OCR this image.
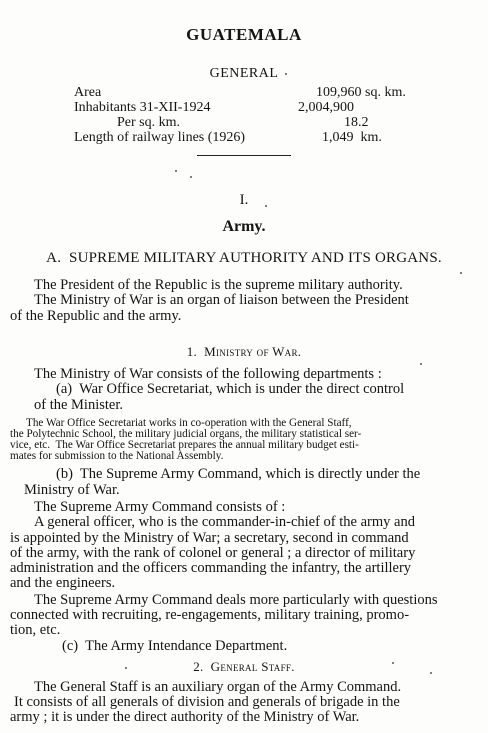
GUATEMALA
GENERAL
Area	109,960 sq. km.
Inhabitants 31-XII-1924	2,004,900
Per sq. km.	18.2
Length of railway lines (1926)	1,049  km.
I.
Army.
A.  SUPREME MILITARY AUTHORITY AND ITS ORGANS.
The President of the Republic is the supreme military authority.
The Ministry of War is an organ of liaison between the President
of the Republic and the army.
1.  Ministry of War.
The Ministry of War consists of the following departments :
(a)  War Office Secretariat, which is under the direct control
of the Minister.
The War Office Secretariat works in co-operation with the General Staff,
the Polytechnic School, the military judicial organs, the military statistical ser-
vice, etc.  The War Office Secretariat prepares the annual military budget esti-
mates for submission to the National Assembly.
(b)  The Supreme Army Command, which is directly under the
Ministry of War.
The Supreme Army Command consists of :
A general officer, who is the commander-in-chief of the army and
is appointed by the Ministry of War; a secretary, second in command
of the army, with the rank of colonel or general ; a director of military
administration and the officers commanding the infantry, the artillery
and the engineers.
The Supreme Army Command deals more particularly with questions
connected with recruiting, re-engagements, military training, promo-
tion, etc.
(c)  The Army Intendance Department.
2.  General Staff.
The General Staff is an auxiliary organ of the Army Command.
It consists of all generals of division and generals of brigade in the
army ; it is under the direct authority of the Ministry of War.
